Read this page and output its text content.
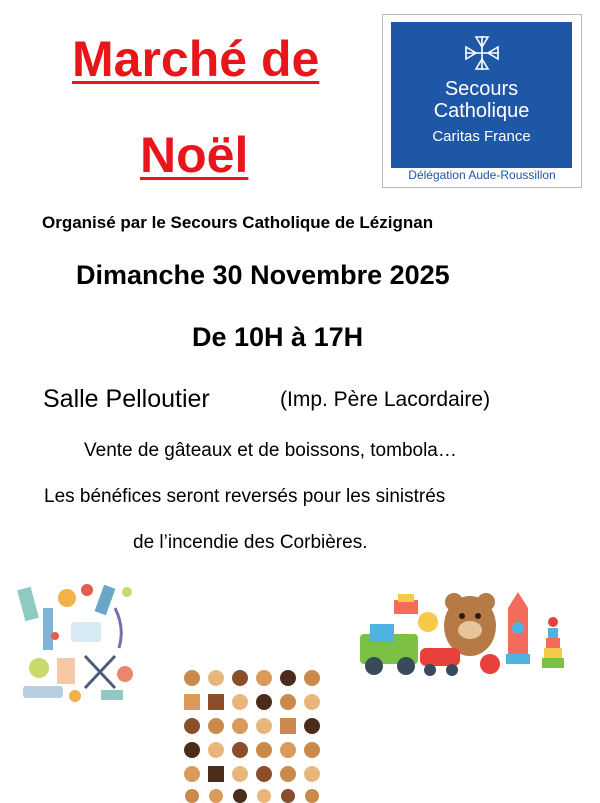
Marché de
Noël
Secours
Catholique
Caritas France
Délégation Aude-Roussillon
Organisé par le Secours Catholique de Lézignan
Dimanche 30 Novembre 2025
De 10H à 17H
Salle Pelloutier	(Imp. Père Lacordaire)
Vente de gâteaux et de boissons, tombola…
Les bénéfices seront reversés pour les sinistrés
de l’incendie des Corbières.
